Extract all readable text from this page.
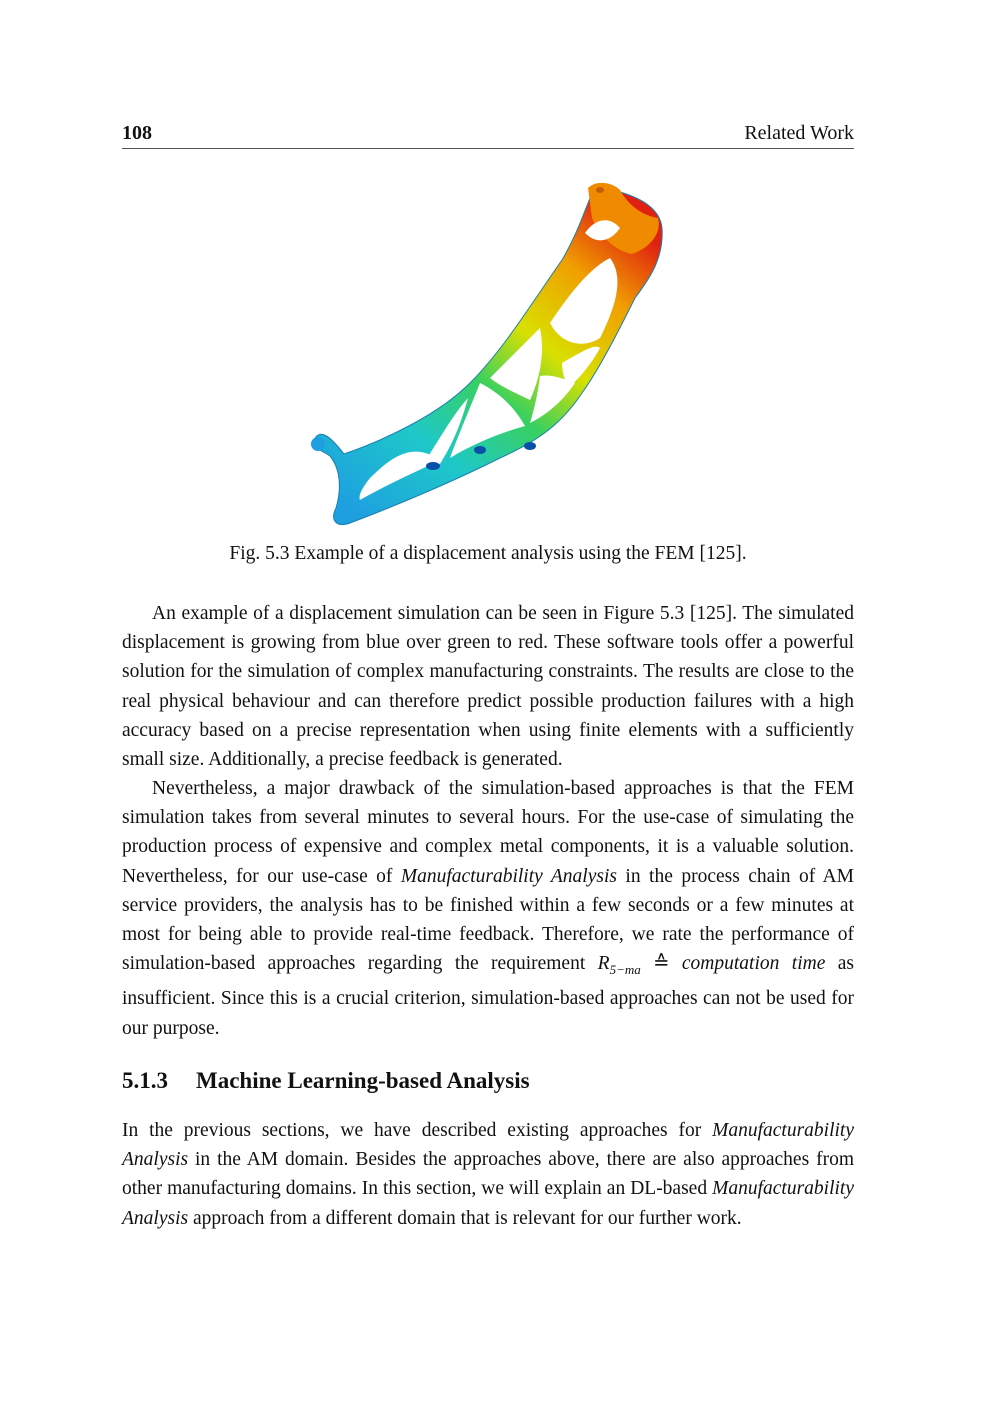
108	Related Work
Fig. 5.3 Example of a displacement analysis using the FEM [125].

An example of a displacement simulation can be seen in Figure 5.3 [125]. The simulated displacement is growing from blue over green to red. These software tools offer a powerful solution for the simulation of complex manufacturing constraints. The results are close to the real physical behaviour and can therefore predict possible production failures with a high accuracy based on a precise representation when using finite elements with a sufficiently small size. Additionally, a precise feedback is generated.

Nevertheless, a major drawback of the simulation-based approaches is that the FEM simulation takes from several minutes to several hours. For the use-case of simulating the production process of expensive and complex metal components, it is a valuable solution. Nevertheless, for our use-case of Manufacturability Analysis in the process chain of AM service providers, the analysis has to be finished within a few seconds or a few minutes at most for being able to provide real-time feedback. Therefore, we rate the performance of simulation-based approaches regarding the requirement $R_{5-ma}$ ≙ computation time as insufficient. Since this is a crucial criterion, simulation-based approaches can not be used for our purpose.

5.1.3 Machine Learning-based Analysis

In the previous sections, we have described existing approaches for Manufacturability Analysis in the AM domain. Besides the approaches above, there are also approaches from other manufacturing domains. In this section, we will explain an DL-based Manufacturability Analysis approach from a different domain that is relevant for our further work.
